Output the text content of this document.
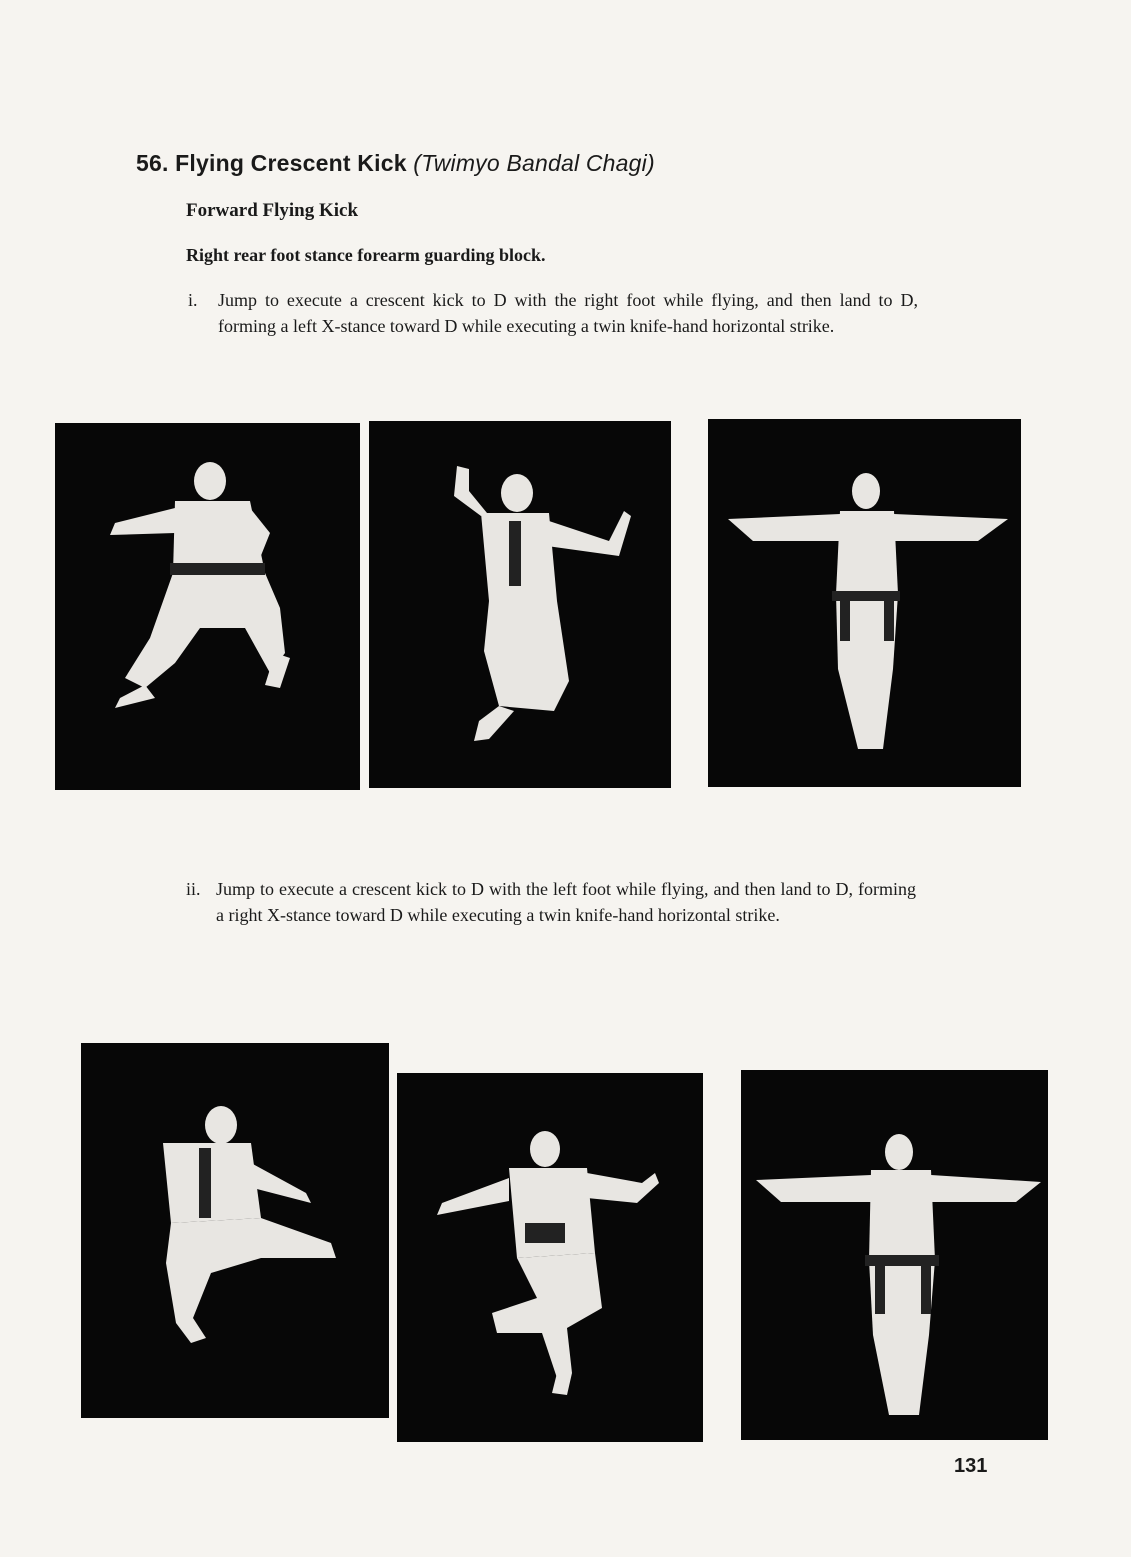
56. Flying Crescent Kick (Twimyo Bandal Chagi)
Forward Flying Kick
Right rear foot stance forearm guarding block.
i. Jump to execute a crescent kick to D with the right foot while flying, and then land to D, forming a left X-stance toward D while executing a twin knife-hand horizontal strike.
ii. Jump to execute a crescent kick to D with the left foot while flying, and then land to D, forming a right X-stance toward D while executing a twin knife-hand horizontal strike.
131
